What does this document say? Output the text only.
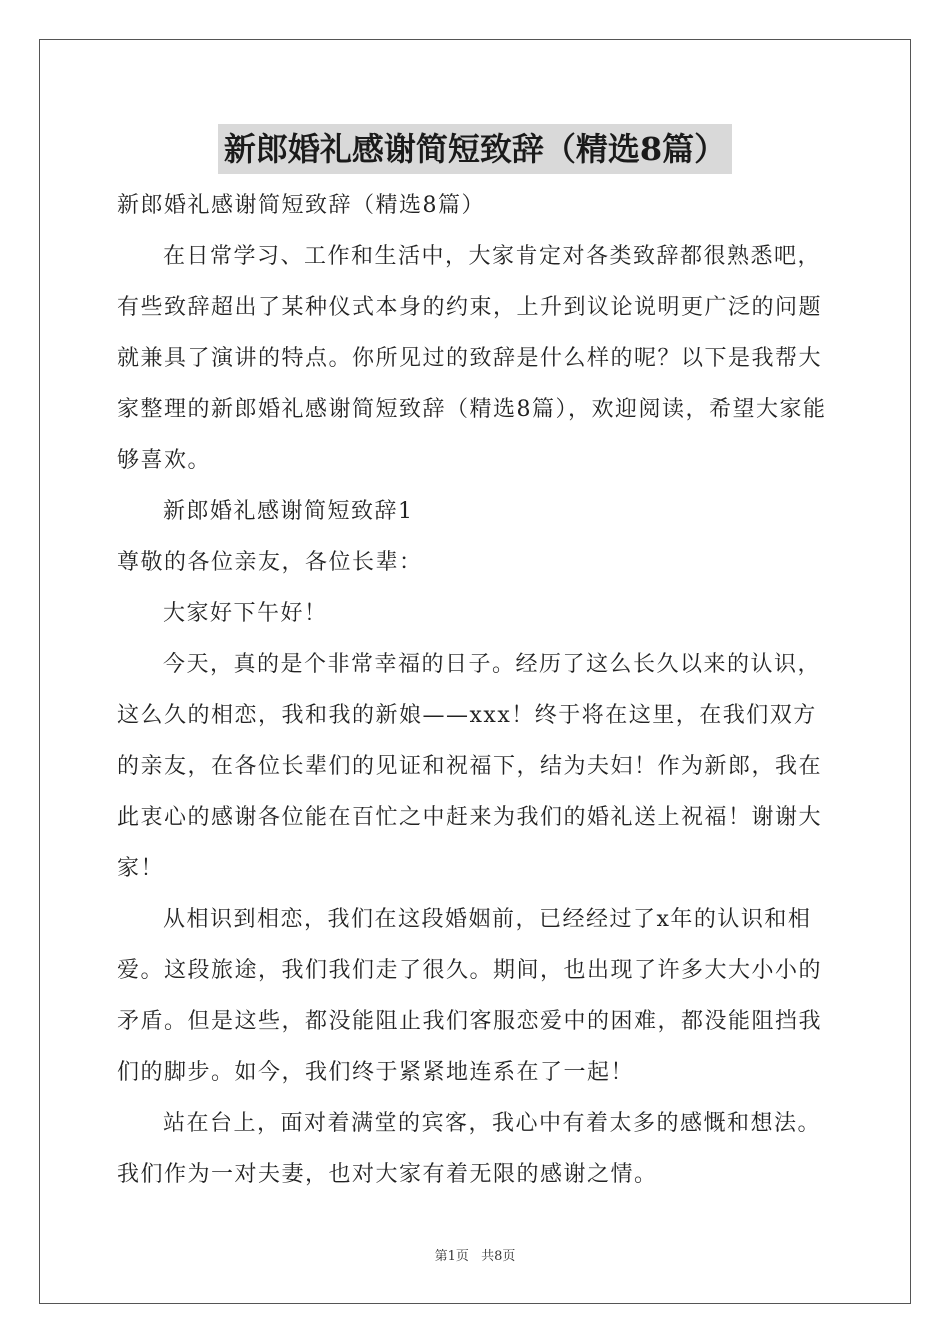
新郎婚礼感谢简短致辞（精选8篇）

新郎婚礼感谢简短致辞（精选8篇）

在日常学习、工作和生活中，大家肯定对各类致辞都很熟悉吧，有些致辞超出了某种仪式本身的约束，上升到议论说明更广泛的问题就兼具了演讲的特点。你所见过的致辞是什么样的呢？以下是我帮大家整理的新郎婚礼感谢简短致辞（精选8篇），欢迎阅读，希望大家能够喜欢。

新郎婚礼感谢简短致辞1

尊敬的各位亲友，各位长辈：

大家好下午好！

今天，真的是个非常幸福的日子。经历了这么长久以来的认识，这么久的相恋，我和我的新娘——xxx！终于将在这里，在我们双方的亲友，在各位长辈们的见证和祝福下，结为夫妇！作为新郎，我在此衷心的感谢各位能在百忙之中赶来为我们的婚礼送上祝福！谢谢大家！

从相识到相恋，我们在这段婚姻前，已经经过了x年的认识和相爱。这段旅途，我们我们走了很久。期间，也出现了许多大大小小的矛盾。但是这些，都没能阻止我们客服恋爱中的困难，都没能阻挡我们的脚步。如今，我们终于紧紧地连系在了一起！

站在台上，面对着满堂的宾客，我心中有着太多的感慨和想法。我们作为一对夫妻，也对大家有着无限的感谢之情。

第1页 共8页
